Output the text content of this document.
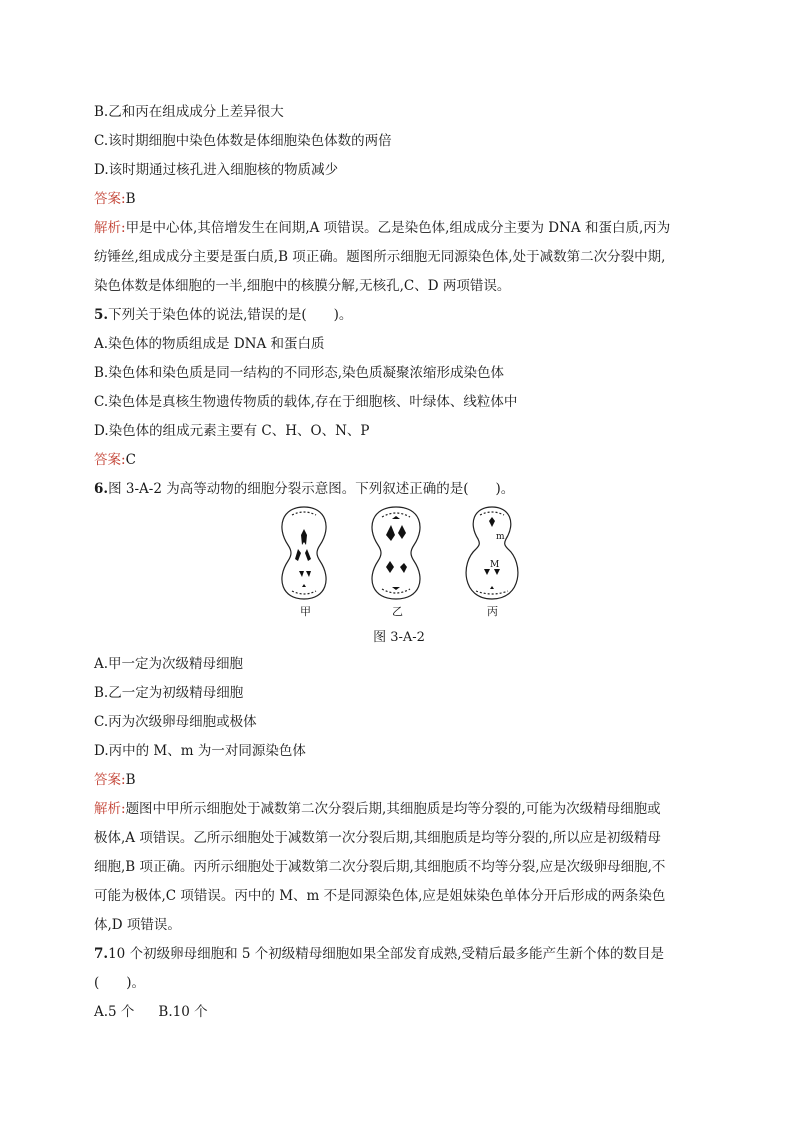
B.乙和丙在组成成分上差异很大
C.该时期细胞中染色体数是体细胞染色体数的两倍
D.该时期通过核孔进入细胞核的物质减少
答案:B
解析:甲是中心体,其倍增发生在间期,A 项错误。乙是染色体,组成成分主要为 DNA 和蛋白质,丙为
纺锤丝,组成成分主要是蛋白质,B 项正确。题图所示细胞无同源染色体,处于减数第二次分裂中期,
染色体数是体细胞的一半,细胞中的核膜分解,无核孔,C、D 两项错误。
5.下列关于染色体的说法,错误的是(　　)。
A.染色体的物质组成是 DNA 和蛋白质
B.染色体和染色质是同一结构的不同形态,染色质凝聚浓缩形成染色体
C.染色体是真核生物遗传物质的载体,存在于细胞核、叶绿体、线粒体中
D.染色体的组成元素主要有 C、H、O、N、P
答案:C
6.图 3-A-2 为高等动物的细胞分裂示意图。下列叙述正确的是(　　)。
m
M
甲	乙	丙
图 3-A-2
A.甲一定为次级精母细胞
B.乙一定为初级精母细胞
C.丙为次级卵母细胞或极体
D.丙中的 M、m 为一对同源染色体
答案:B
解析:题图中甲所示细胞处于减数第二次分裂后期,其细胞质是均等分裂的,可能为次级精母细胞或
极体,A 项错误。乙所示细胞处于减数第一次分裂后期,其细胞质是均等分裂的,所以应是初级精母
细胞,B 项正确。丙所示细胞处于减数第二次分裂后期,其细胞质不均等分裂,应是次级卵母细胞,不
可能为极体,C 项错误。丙中的 M、m 不是同源染色体,应是姐妹染色单体分开后形成的两条染色
体,D 项错误。
7.10 个初级卵母细胞和 5 个初级精母细胞如果全部发育成熟,受精后最多能产生新个体的数目是
(　　)。
A.5 个 B.10 个
